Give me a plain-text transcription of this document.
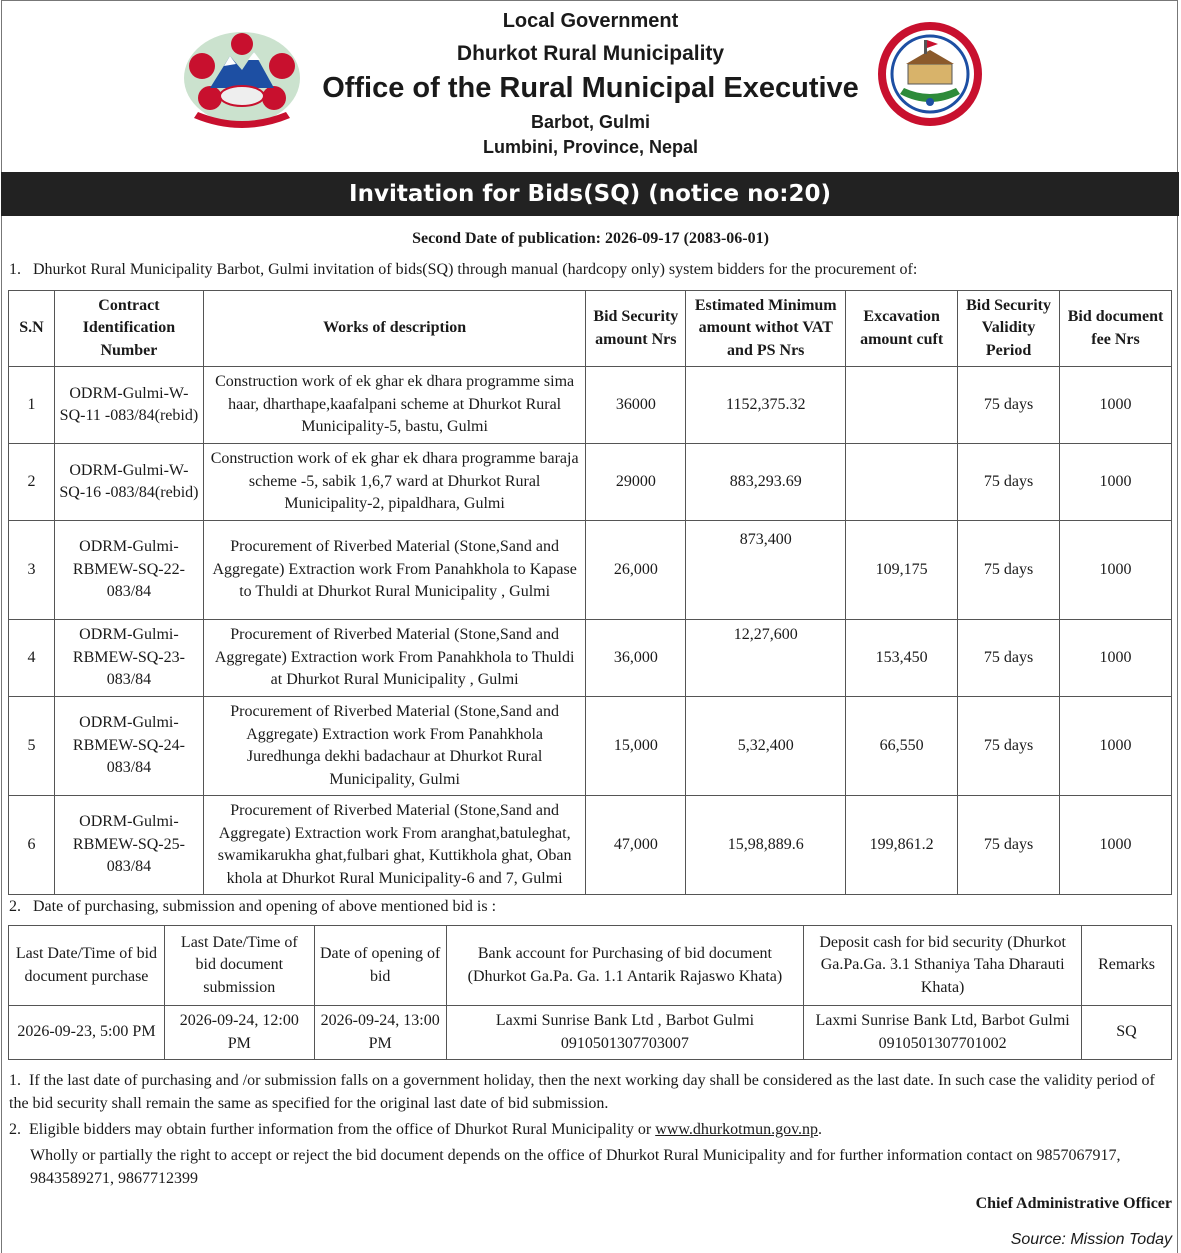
Local Government
Dhurkot Rural Municipality
Office of the Rural Municipal Executive
Barbot, Gulmi
Lumbini, Province, Nepal
Invitation for Bids(SQ) (notice no:20)
Second Date of publication: 2026-09-17 (2083-06-01)
1.   Dhurkot Rural Municipality Barbot, Gulmi invitation of bids(SQ) through manual (hardcopy only) system bidders for the procurement of:
S.N	Contract Identification Number	Works of description	Bid Security amount Nrs	Estimated Minimum amount withot VAT and PS Nrs	Excavation amount cuft	Bid Security Validity Period	Bid document fee Nrs
1	ODRM-Gulmi-W-SQ-11 -083/84(rebid)	Construction work of ek ghar ek dhara programme sima haar, dharthape,kaafalpani scheme at Dhurkot Rural Municipality-5, bastu, Gulmi	36000	1152,375.32		75 days	1000
2	ODRM-Gulmi-W-SQ-16 -083/84(rebid)	Construction work of ek ghar ek dhara programme baraja scheme -5, sabik 1,6,7 ward at Dhurkot Rural Municipality-2, pipaldhara, Gulmi	29000	883,293.69		75 days	1000
3	ODRM-Gulmi-RBMEW-SQ-22-083/84	Procurement of Riverbed Material (Stone,Sand and Aggregate) Extraction work From Panahkhola to Kapase to Thuldi at Dhurkot Rural Municipality , Gulmi	26,000	873,400	109,175	75 days	1000
4	ODRM-Gulmi-RBMEW-SQ-23-083/84	Procurement of Riverbed Material (Stone,Sand and Aggregate) Extraction work From Panahkhola to Thuldi at Dhurkot Rural Municipality , Gulmi	36,000	12,27,600	153,450	75 days	1000
5	ODRM-Gulmi-RBMEW-SQ-24-083/84	Procurement of Riverbed Material (Stone,Sand and Aggregate) Extraction work From Panahkhola Juredhunga dekhi badachaur at Dhurkot Rural Municipality, Gulmi	15,000	5,32,400	66,550	75 days	1000
6	ODRM-Gulmi-RBMEW-SQ-25-083/84	Procurement of Riverbed Material (Stone,Sand and Aggregate) Extraction work From aranghat,batuleghat, swamikarukha ghat,fulbari ghat, Kuttikhola ghat, Oban khola at Dhurkot Rural Municipality-6 and 7, Gulmi	47,000	15,98,889.6	199,861.2	75 days	1000
2.   Date of purchasing, submission and opening of above mentioned bid is :
Last Date/Time of bid document purchase	Last Date/Time of bid document submission	Date of opening of bid	Bank account for Purchasing of bid document (Dhurkot Ga.Pa. Ga. 1.1 Antarik Rajaswo Khata)	Deposit cash for bid security (Dhurkot Ga.Pa.Ga. 3.1 Sthaniya Taha Dharauti Khata)	Remarks
2026-09-23, 5:00 PM	2026-09-24, 12:00 PM	2026-09-24, 13:00 PM	Laxmi Sunrise Bank Ltd , Barbot Gulmi 0910501307703007	Laxmi Sunrise Bank Ltd, Barbot Gulmi 0910501307701002	SQ
1.  If the last date of purchasing and /or submission falls on a government holiday, then the next working day shall be considered as the last date. In such case the validity period of the bid security shall remain the same as specified for the original last date of bid submission.
2.  Eligible bidders may obtain further information from the office of Dhurkot Rural Municipality or www.dhurkotmun.gov.np.
Wholly or partially the right to accept or reject the bid document depends on the office of Dhurkot Rural Municipality and for further information contact on 9857067917, 9843589271, 9867712399
Chief Administrative Officer
Source: Mission Today
